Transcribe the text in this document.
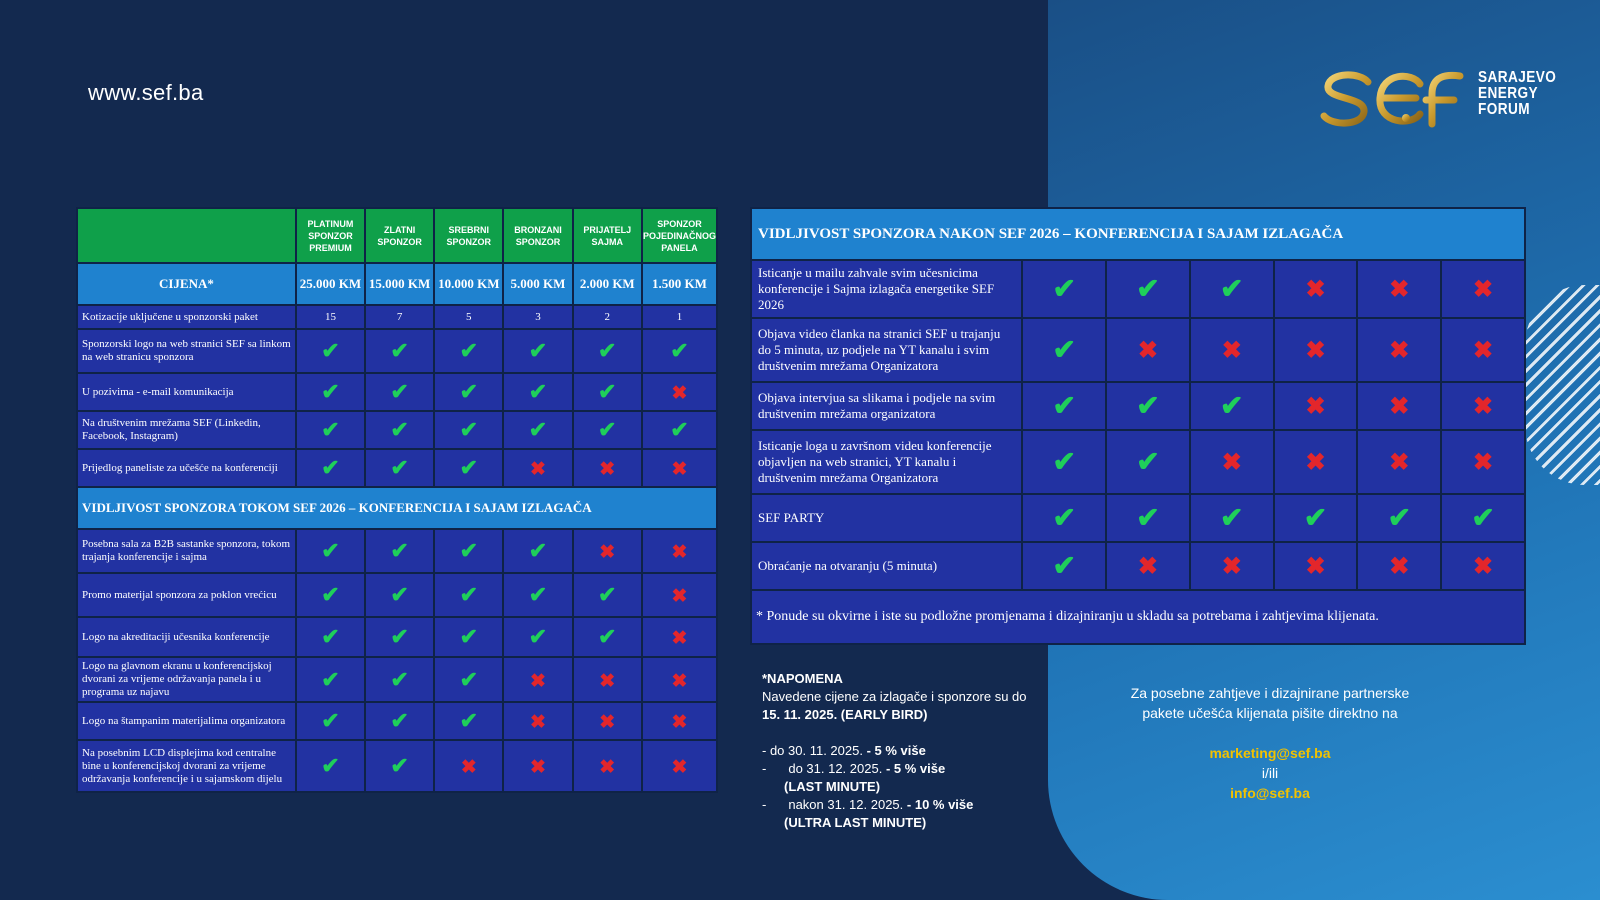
www.sef.ba
SARAJEVO
ENERGY
FORUM
	PLATINUM SPONZOR PREMIUM	ZLATNI SPONZOR	SREBRNI SPONZOR	BRONZANI SPONZOR	PRIJATELJ SAJMA	SPONZOR POJEDINAČNOG PANELA
CIJENA*	25.000 KM	15.000 KM	10.000 KM	5.000 KM	2.000 KM	1.500 KM
Kotizacije uključene u sponzorski paket	15	7	5	3	2	1
Sponzorski logo na web stranici SEF sa linkom na web stranicu sponzora	✔	✔	✔	✔	✔	✔
U pozivima - e-mail komunikacija	✔	✔	✔	✔	✔	✖
Na društvenim mrežama SEF (Linkedin, Facebook, Instagram)	✔	✔	✔	✔	✔	✔
Prijedlog paneliste za učešće na konferenciji	✔	✔	✔	✖	✖	✖
VIDLJIVOST SPONZORA TOKOM SEF 2026 – KONFERENCIJA I SAJAM IZLAGAČA						
Posebna sala za B2B sastanke sponzora, tokom trajanja konferencije i sajma	✔	✔	✔	✔	✖	✖
Promo materijal sponzora za poklon vrećicu	✔	✔	✔	✔	✔	✖
Logo na akreditaciji učesnika konferencije	✔	✔	✔	✔	✔	✖
Logo na glavnom ekranu u konferencijskoj dvorani za vrijeme održavanja panela i u programa uz najavu	✔	✔	✔	✖	✖	✖
Logo na štampanim materijalima organizatora	✔	✔	✔	✖	✖	✖
Na posebnim LCD displejima kod centralne bine u konferencijskoj dvorani za vrijeme održavanja konferencije i u sajamskom dijelu	✔	✔	✖	✖	✖	✖
VIDLJIVOST SPONZORA NAKON SEF 2026 – KONFERENCIJA I SAJAM IZLAGAČA						
Isticanje u mailu zahvale svim učesnicima konferencije i Sajma izlagača energetike SEF 2026	✔	✔	✔	✖	✖	✖
Objava video članka na stranici SEF u trajanju do 5 minuta, uz podjele na YT kanalu i svim društvenim mrežama Organizatora	✔	✖	✖	✖	✖	✖
Objava intervjua sa slikama i podjele na svim društvenim mrežama organizatora	✔	✔	✔	✖	✖	✖
Isticanje loga u završnom videu konferencije objavljen na web stranici, YT kanalu i društvenim mrežama Organizatora	✔	✔	✖	✖	✖	✖
SEF PARTY	✔	✔	✔	✔	✔	✔
Obraćanje na otvaranju (5 minuta)	✔	✖	✖	✖	✖	✖
* Ponude su okvirne i iste su podložne promjenama i dizajniranju u skladu sa potrebama i zahtjevima klijenata.						
*NAPOMENA
Navedene cijene za izlagače i sponzore su do
15. 11. 2025. (EARLY BIRD)
- do 30. 11. 2025. - 5 % više
- do 31. 12. 2025. - 5 % više
(LAST MINUTE)
- nakon 31. 12. 2025. - 10 % više
(ULTRA LAST MINUTE)
Za posebne zahtjeve i dizajnirane partnerske pakete učešća klijenata pišite direktno na
marketing@sef.ba
i/ili
info@sef.ba
